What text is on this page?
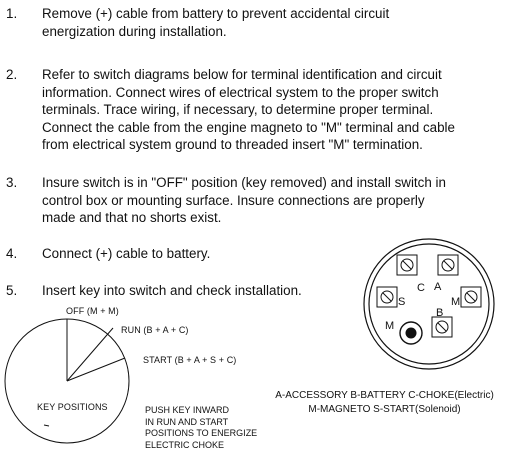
1. Remove (+) cable from battery to prevent accidental circuit
energization during installation.
2. Refer to switch diagrams below for terminal identification and circuit
information. Connect wires of electrical system to the proper switch
terminals. Trace wiring, if necessary, to determine proper terminal.
Connect the cable from the engine magneto to "M" terminal and cable
from electrical system ground to threaded insert "M" termination.
3. Insure switch is in "OFF" position (key removed) and install switch in
control box or mounting surface. Insure connections are properly
made and that no shorts exist.
4. Connect (+) cable to battery.
5. Insert key into switch and check installation.
OFF (M + M)
RUN (B + A + C)
START (B + A + S + C)
KEY POSITIONS	PUSH KEY INWARD
IN RUN AND START
POSITIONS TO ENERGIZE
ELECTRIC CHOKE
C A
S	M
B
M
A-ACCESSORY B-BATTERY C-CHOKE(Electric)
M-MAGNETO S-START(Solenoid)
